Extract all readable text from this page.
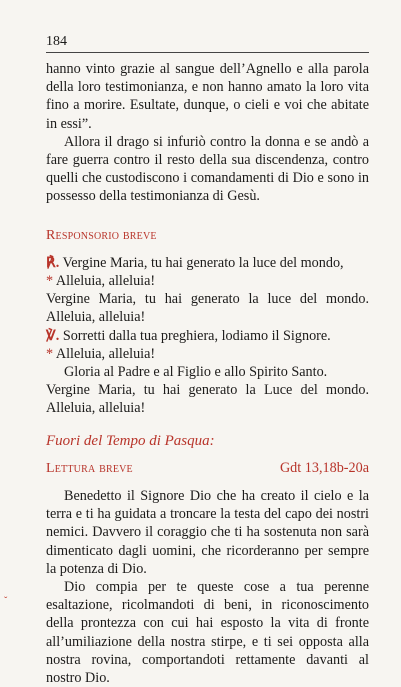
184

hanno vinto grazie al sangue dell’Agnello e alla parola della loro testimonianza, e non hanno amato la loro vita fino a morire. Esultate, dunque, o cieli e voi che abitate in essi”.

Allora il drago si infuriò contro la donna e se andò a fare guerra contro il resto della sua discendenza, contro quelli che custodiscono i comandamenti di Dio e sono in possesso della testimonianza di Gesù.

Responsorio breve

℟. Vergine Maria, tu hai generato la luce del mondo,

* Alleluia, alleluia!

Vergine Maria, tu hai generato la luce del mondo. Alleluia, alleluia!

℣. Sorretti dalla tua preghiera, lodiamo il Signore.

* Alleluia, alleluia!

Gloria al Padre e al Figlio e allo Spirito Santo.

Vergine Maria, tu hai generato la Luce del mondo. Alleluia, alleluia!

Fuori del Tempo di Pasqua:
Lettura breve	Gdt 13,18b-20a

Benedetto il Signore Dio che ha creato il cielo e la terra e ti ha guidata a troncare la testa del capo dei nostri nemici. Davvero il coraggio che ti ha sostenuta non sarà dimenticato dagli uomini, che ricorderanno per sempre la potenza di Dio.

Dio compia per te queste cose a tua perenne esaltazione, ricolmandoti di beni, in riconoscimento della prontezza con cui hai esposto la vita di fronte all’umiliazione della nostra stirpe, e ti sei opposta alla nostra rovina, comportandoti rettamente davanti al nostro Dio.

ˇ
